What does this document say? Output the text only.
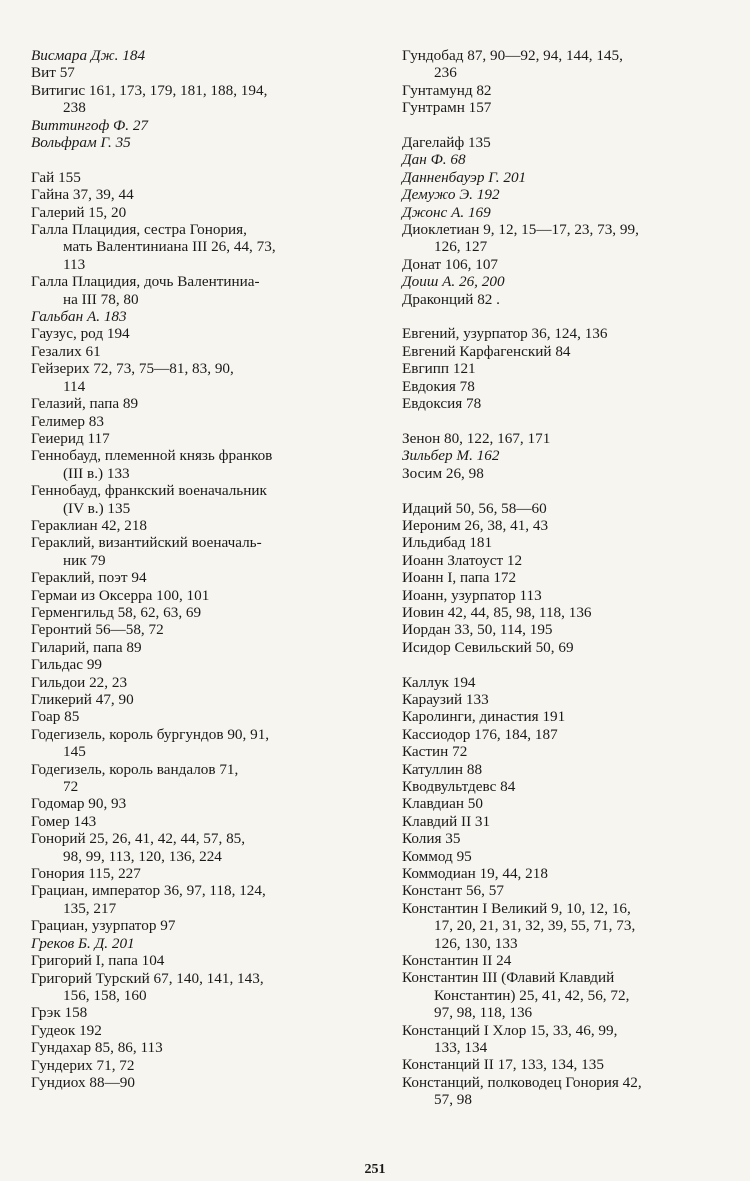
Висмара Дж. 184
Вит 57
Витигис 161, 173, 179, 181, 188, 194,
238
Виттингоф Ф. 27
Вольфрам Г. 35
Гай 155
Гайна 37, 39, 44
Галерий 15, 20
Галла Плацидия, сестра Гонория,
мать Валентиниана III 26, 44, 73,
113
Галла Плацидия, дочь Валентиниа-
на III 78, 80
Гальбан А. 183
Гаузус, род 194
Гезалих 61
Гейзерих 72, 73, 75—81, 83, 90,
114
Гелазий, папа 89
Гелимер 83
Геиерид 117
Геннобауд, племенной князь франков
(III в.) 133
Геннобауд, франкский военачальник
(IV в.) 135
Гераклиан 42, 218
Гераклий, византийский военачаль-
ник 79
Гераклий, поэт 94
Гермаи из Оксерра 100, 101
Герменгильд 58, 62, 63, 69
Геронтий 56—58, 72
Гиларий, папа 89
Гильдас 99
Гильдои 22, 23
Гликерий 47, 90
Гоар 85
Годегизель, король бургундов 90, 91,
145
Годегизель, король вандалов 71,
72
Годомар 90, 93
Гомер 143
Гонорий 25, 26, 41, 42, 44, 57, 85,
98, 99, 113, 120, 136, 224
Гонория 115, 227
Грациан, император 36, 97, 118, 124,
135, 217
Грациан, узурпатор 97
Греков Б. Д. 201
Григорий I, папа 104
Григорий Турский 67, 140, 141, 143,
156, 158, 160
Грэк 158
Гудеок 192
Гундахар 85, 86, 113
Гундерих 71, 72
Гундиох 88—90
Гундобад 87, 90—92, 94, 144, 145,
236
Гунтамунд 82
Гунтрамн 157
Дагелайф 135
Дан Ф. 68
Данненбауэр Г. 201
Демужо Э. 192
Джонс А. 169
Диоклетиан 9, 12, 15—17, 23, 73, 99,
126, 127
Донат 106, 107
Доиш А. 26, 200
Драконций 82 .
Евгений, узурпатор 36, 124, 136
Евгений Карфагенский 84
Евгипп 121
Евдокия 78
Евдоксия 78
Зенон 80, 122, 167, 171
Зильбер М. 162
Зосим 26, 98
Идаций 50, 56, 58—60
Иероним 26, 38, 41, 43
Ильдибад 181
Иоанн Златоуст 12
Иоанн I, папа 172
Иоанн, узурпатор 113
Иовин 42, 44, 85, 98, 118, 136
Иордан 33, 50, 114, 195
Исидор Севильский 50, 69
Каллук 194
Караузий 133
Каролинги, династия 191
Кассиодор 176, 184, 187
Кастин 72
Катуллин 88
Кводвультдевс 84
Клавдиан 50
Клавдий II 31
Колия 35
Коммод 95
Коммодиан 19, 44, 218
Констант 56, 57
Константин I Великий 9, 10, 12, 16,
17, 20, 21, 31, 32, 39, 55, 71, 73,
126, 130, 133
Константин II 24
Константин III (Флавий Клавдий
Константин) 25, 41, 42, 56, 72,
97, 98, 118, 136
Констанций I Хлор 15, 33, 46, 99,
133, 134
Констанций II 17, 133, 134, 135
Констанций, полководец Гонория 42,
57, 98
251
